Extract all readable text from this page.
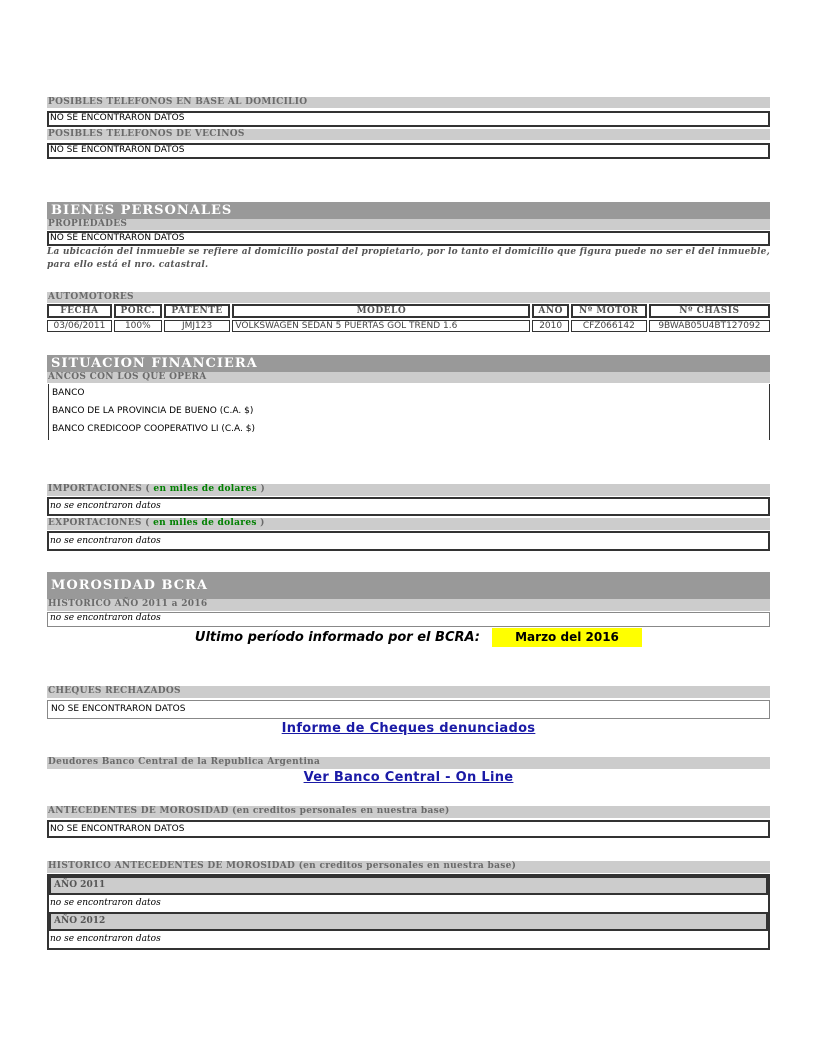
POSIBLES TELEFONOS EN BASE AL DOMICILIO
NO SE ENCONTRARON DATOS
POSIBLES TELEFONOS DE VECINOS
NO SE ENCONTRARON DATOS
BIENES PERSONALES
PROPIEDADES
NO SE ENCONTRARON DATOS
La ubicación del inmueble se refiere al domicilio postal del propietario, por lo tanto el domicilio que figura puede no ser el del inmueble, para ello está el nro. catastral.
AUTOMOTORES
FECHA	PORC.	PATENTE	MODELO	AÑO	Nº MOTOR	Nº CHASIS
03/06/2011	100%	JMJ123	VOLKSWAGEN SEDAN 5 PUERTAS GOL TREND 1.6	2010	CFZ066142	9BWAB05U4BT127092
SITUACION FINANCIERA
ANCOS CON LOS QUE OPERA
BANCO
BANCO DE LA PROVINCIA DE BUENO (C.A. $)
BANCO CREDICOOP COOPERATIVO LI (C.A. $)
IMPORTACIONES ( en miles de dolares )
no se encontraron datos
EXPORTACIONES ( en miles de dolares )
no se encontraron datos
MOROSIDAD BCRA
HISTORICO AÑO 2011 a 2016
no se encontraron datos
Ultimo período informado por el BCRA:	Marzo del 2016
CHEQUES RECHAZADOS
NO SE ENCONTRARON DATOS
Informe de Cheques denunciados
Deudores Banco Central de la Republica Argentina
Ver Banco Central - On Line
ANTECEDENTES DE MOROSIDAD (en creditos personales en nuestra base)
NO SE ENCONTRARON DATOS
HISTORICO ANTECEDENTES DE MOROSIDAD (en creditos personales en nuestra base)
AÑO 2011
no se encontraron datos
AÑO 2012
no se encontraron datos
